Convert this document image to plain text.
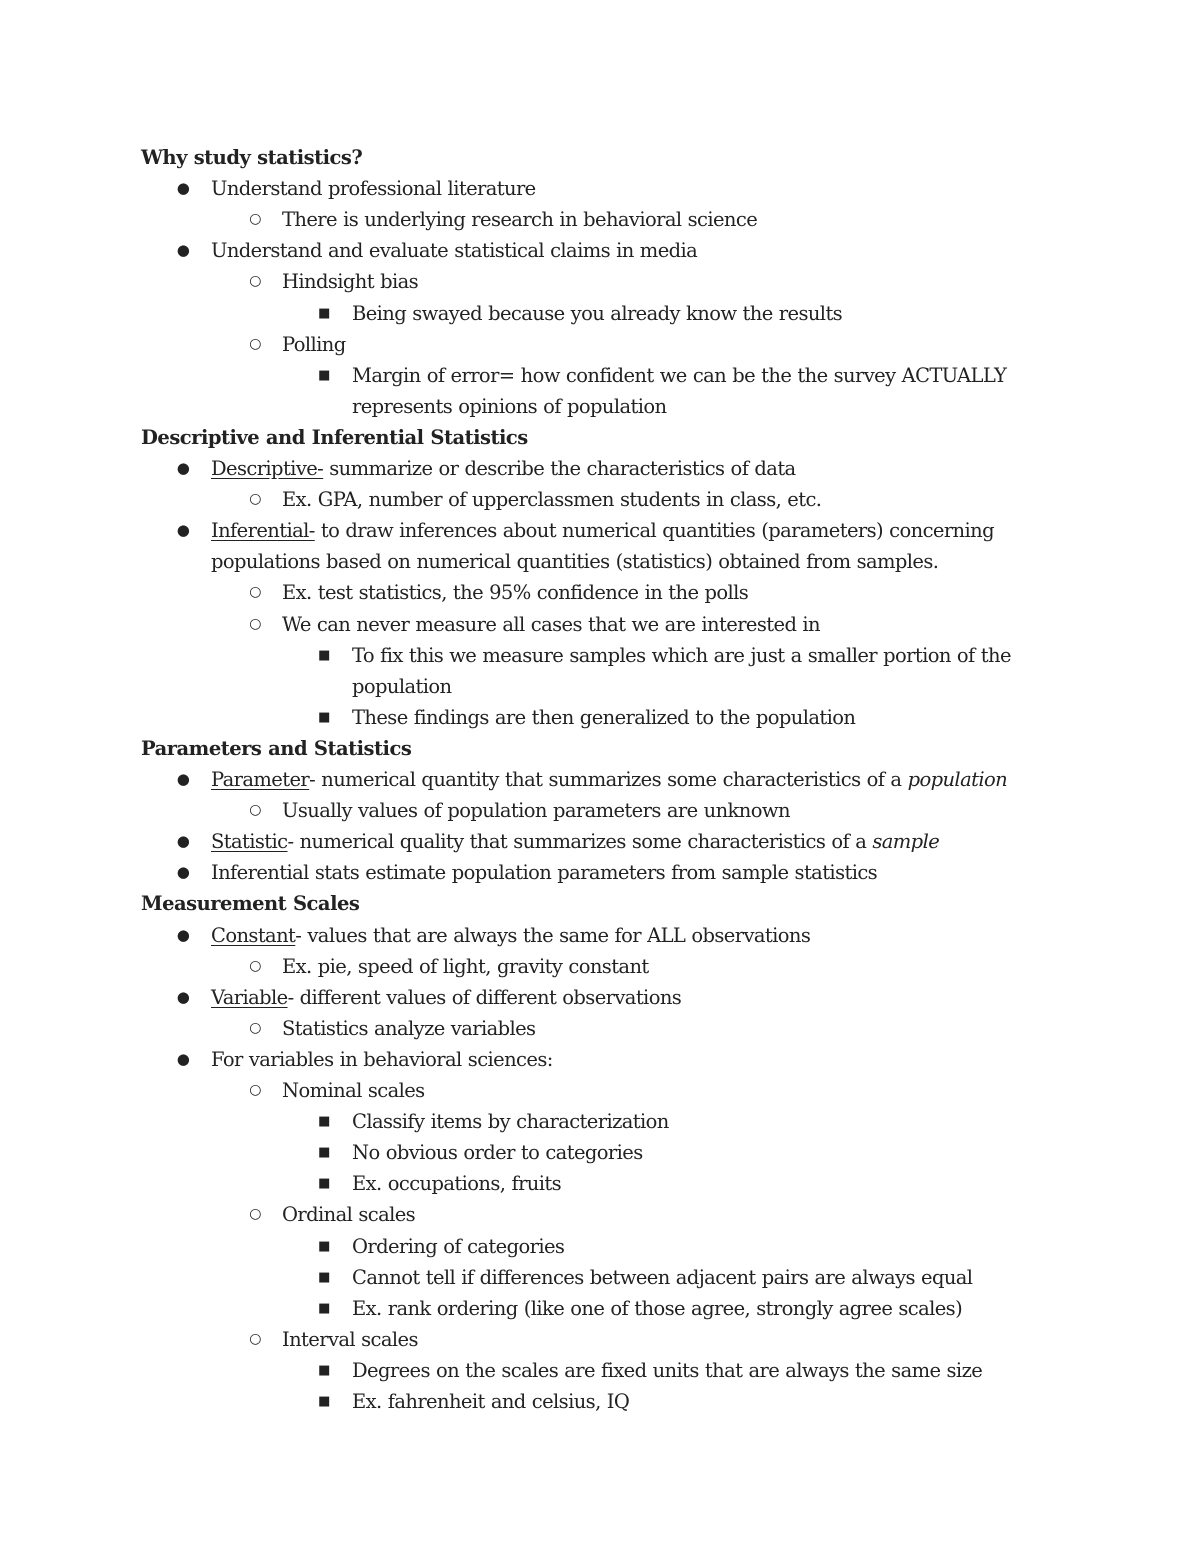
Why study statistics?
● Understand professional literature
○ There is underlying research in behavioral science
● Understand and evaluate statistical claims in media
○ Hindsight bias
■ Being swayed because you already know the results
○ Polling
■ Margin of error= how confident we can be the the survey ACTUALLY
represents opinions of population
Descriptive and Inferential Statistics
● Descriptive- summarize or describe the characteristics of data
○ Ex. GPA, number of upperclassmen students in class, etc.
● Inferential- to draw inferences about numerical quantities (parameters) concerning
populations based on numerical quantities (statistics) obtained from samples.
○ Ex. test statistics, the 95% confidence in the polls
○ We can never measure all cases that we are interested in
■ To fix this we measure samples which are just a smaller portion of the
population
■ These findings are then generalized to the population
Parameters and Statistics
● Parameter- numerical quantity that summarizes some characteristics of a population
○ Usually values of population parameters are unknown
● Statistic- numerical quality that summarizes some characteristics of a sample
● Inferential stats estimate population parameters from sample statistics
Measurement Scales
● Constant- values that are always the same for ALL observations
○ Ex. pie, speed of light, gravity constant
● Variable- different values of different observations
○ Statistics analyze variables
● For variables in behavioral sciences:
○ Nominal scales
■ Classify items by characterization
■ No obvious order to categories
■ Ex. occupations, fruits
○ Ordinal scales
■ Ordering of categories
■ Cannot tell if differences between adjacent pairs are always equal
■ Ex. rank ordering (like one of those agree, strongly agree scales)
○ Interval scales
■ Degrees on the scales are fixed units that are always the same size
■ Ex. fahrenheit and celsius, IQ
